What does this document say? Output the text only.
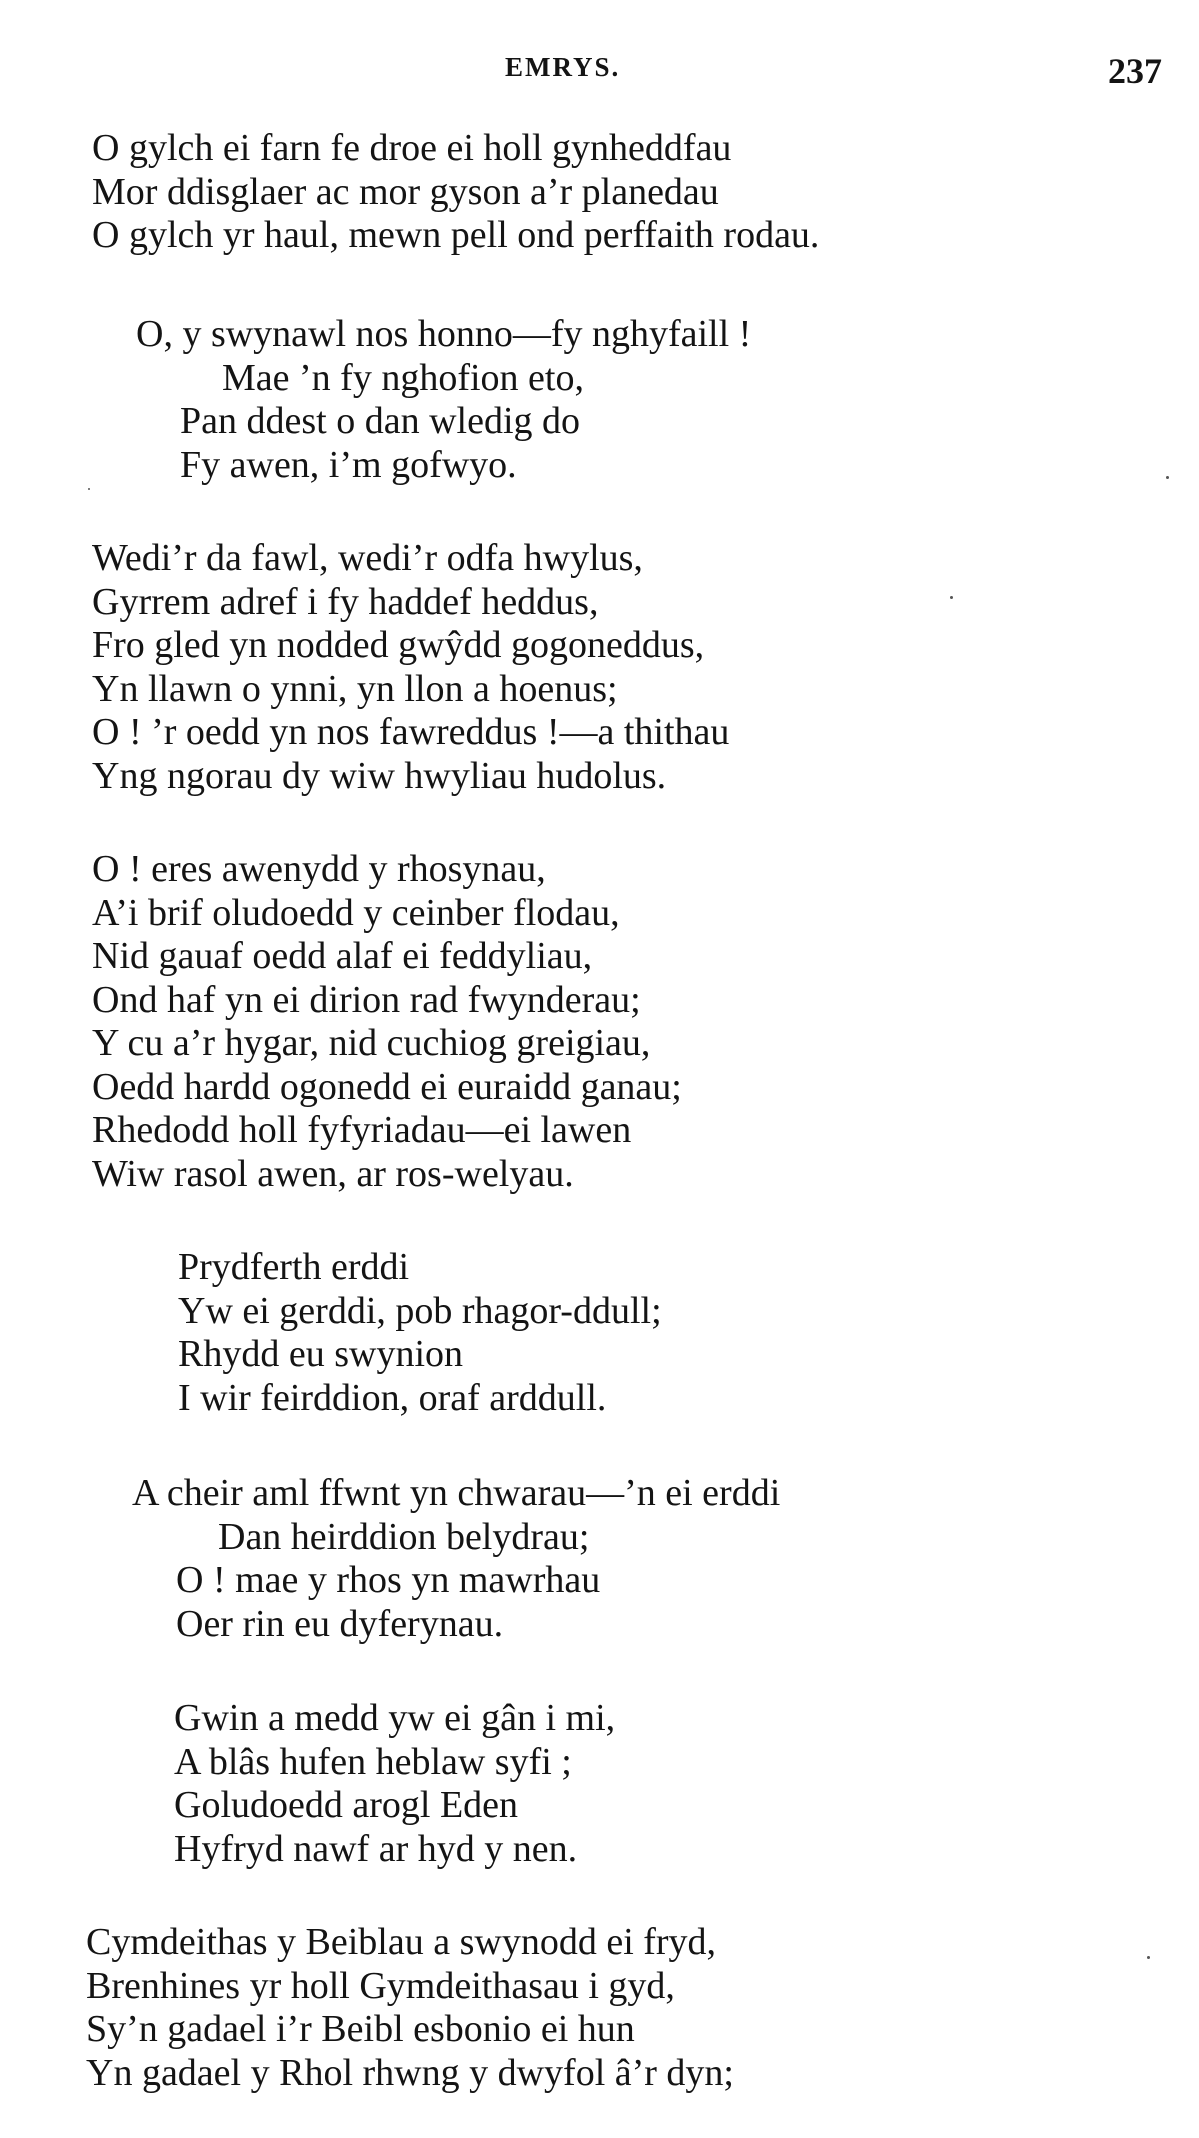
EMRYS.	237
O gylch ei farn fe droe ei holl gynheddfau
Mor ddisglaer ac mor gyson a’r planedau
O gylch yr haul, mewn pell ond perffaith rodau.
O, y swynawl nos honno—fy nghyfaill !
Mae ’n fy nghofion eto,
Pan ddest o dan wledig do
Fy awen, i’m gofwyo.
Wedi’r da fawl, wedi’r odfa hwylus,
Gyrrem adref i fy haddef heddus,
Fro gled yn nodded gwŷdd gogoneddus,
Yn llawn o ynni, yn llon a hoenus;
O ! ’r oedd yn nos fawreddus !—a thithau
Yng ngorau dy wiw hwyliau hudolus.
O ! eres awenydd y rhosynau,
A’i brif oludoedd y ceinber flodau,
Nid gauaf oedd alaf ei feddyliau,
Ond haf yn ei dirion rad fwynderau;
Y cu a’r hygar, nid cuchiog greigiau,
Oedd hardd ogonedd ei euraidd ganau;
Rhedodd holl fyfyriadau—ei lawen
Wiw rasol awen, ar ros-welyau.
Prydferth erddi
Yw ei gerddi, pob rhagor-ddull;
Rhydd eu swynion
I wir feirddion, oraf arddull.
A cheir aml ffwnt yn chwarau—’n ei erddi
Dan heirddion belydrau;
O ! mae y rhos yn mawrhau
Oer rin eu dyferynau.
Gwin a medd yw ei gân i mi,
A blâs hufen heblaw syfi ;
Goludoedd arogl Eden
Hyfryd nawf ar hyd y nen.
Cymdeithas y Beiblau a swynodd ei fryd,
Brenhines yr holl Gymdeithasau i gyd,
Sy’n gadael i’r Beibl esbonio ei hun
Yn gadael y Rhol rhwng y dwyfol â’r dyn;
